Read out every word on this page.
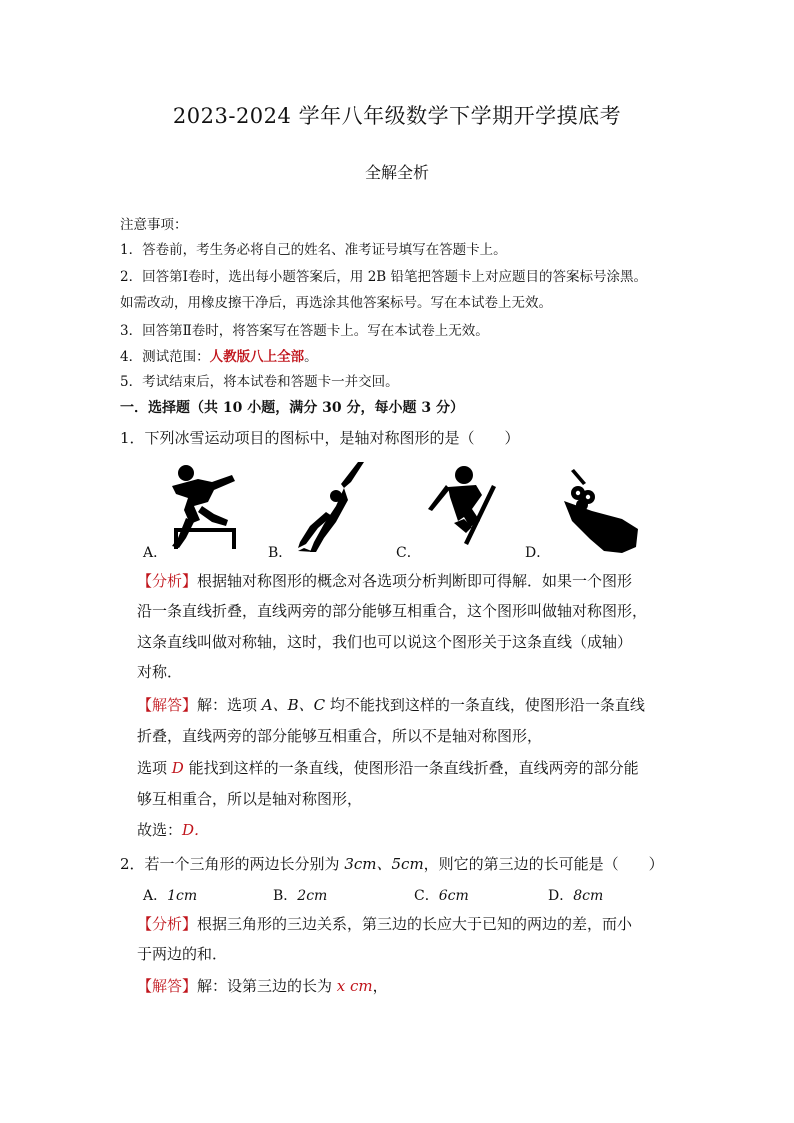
2023-2024 学年八年级数学下学期开学摸底考
全解全析
注意事项：
1．答卷前，考生务必将自己的姓名、准考证号填写在答题卡上。
2．回答第Ⅰ卷时，选出每小题答案后，用 2B 铅笔把答题卡上对应题目的答案标号涂黑。
如需改动，用橡皮擦干净后，再选涂其他答案标号。写在本试卷上无效。
3．回答第Ⅱ卷时，将答案写在答题卡上。写在本试卷上无效。
4．测试范围：人教版八上全部。
5．考试结束后，将本试卷和答题卡一并交回。
一．选择题（共 10 小题，满分 30 分，每小题 3 分）
1．下列冰雪运动项目的图标中，是轴对称图形的是（　　）
A．	B．	C．	D．
【分析】根据轴对称图形的概念对各选项分析判断即可得解．如果一个图形
沿一条直线折叠，直线两旁的部分能够互相重合，这个图形叫做轴对称图形，
这条直线叫做对称轴，这时，我们也可以说这个图形关于这条直线（成轴）
对称．
【解答】解：选项 A、B、C 均不能找到这样的一条直线，使图形沿一条直线
折叠，直线两旁的部分能够互相重合，所以不是轴对称图形，
选项 D 能找到这样的一条直线，使图形沿一条直线折叠，直线两旁的部分能
够互相重合，所以是轴对称图形，
故选：D．
2．若一个三角形的两边长分别为 3cm、5cm，则它的第三边的长可能是（　　）
A．1cm	B．2cm	C．6cm	D．8cm
【分析】根据三角形的三边关系，第三边的长应大于已知的两边的差，而小
于两边的和．
【解答】解：设第三边的长为 x cm，
